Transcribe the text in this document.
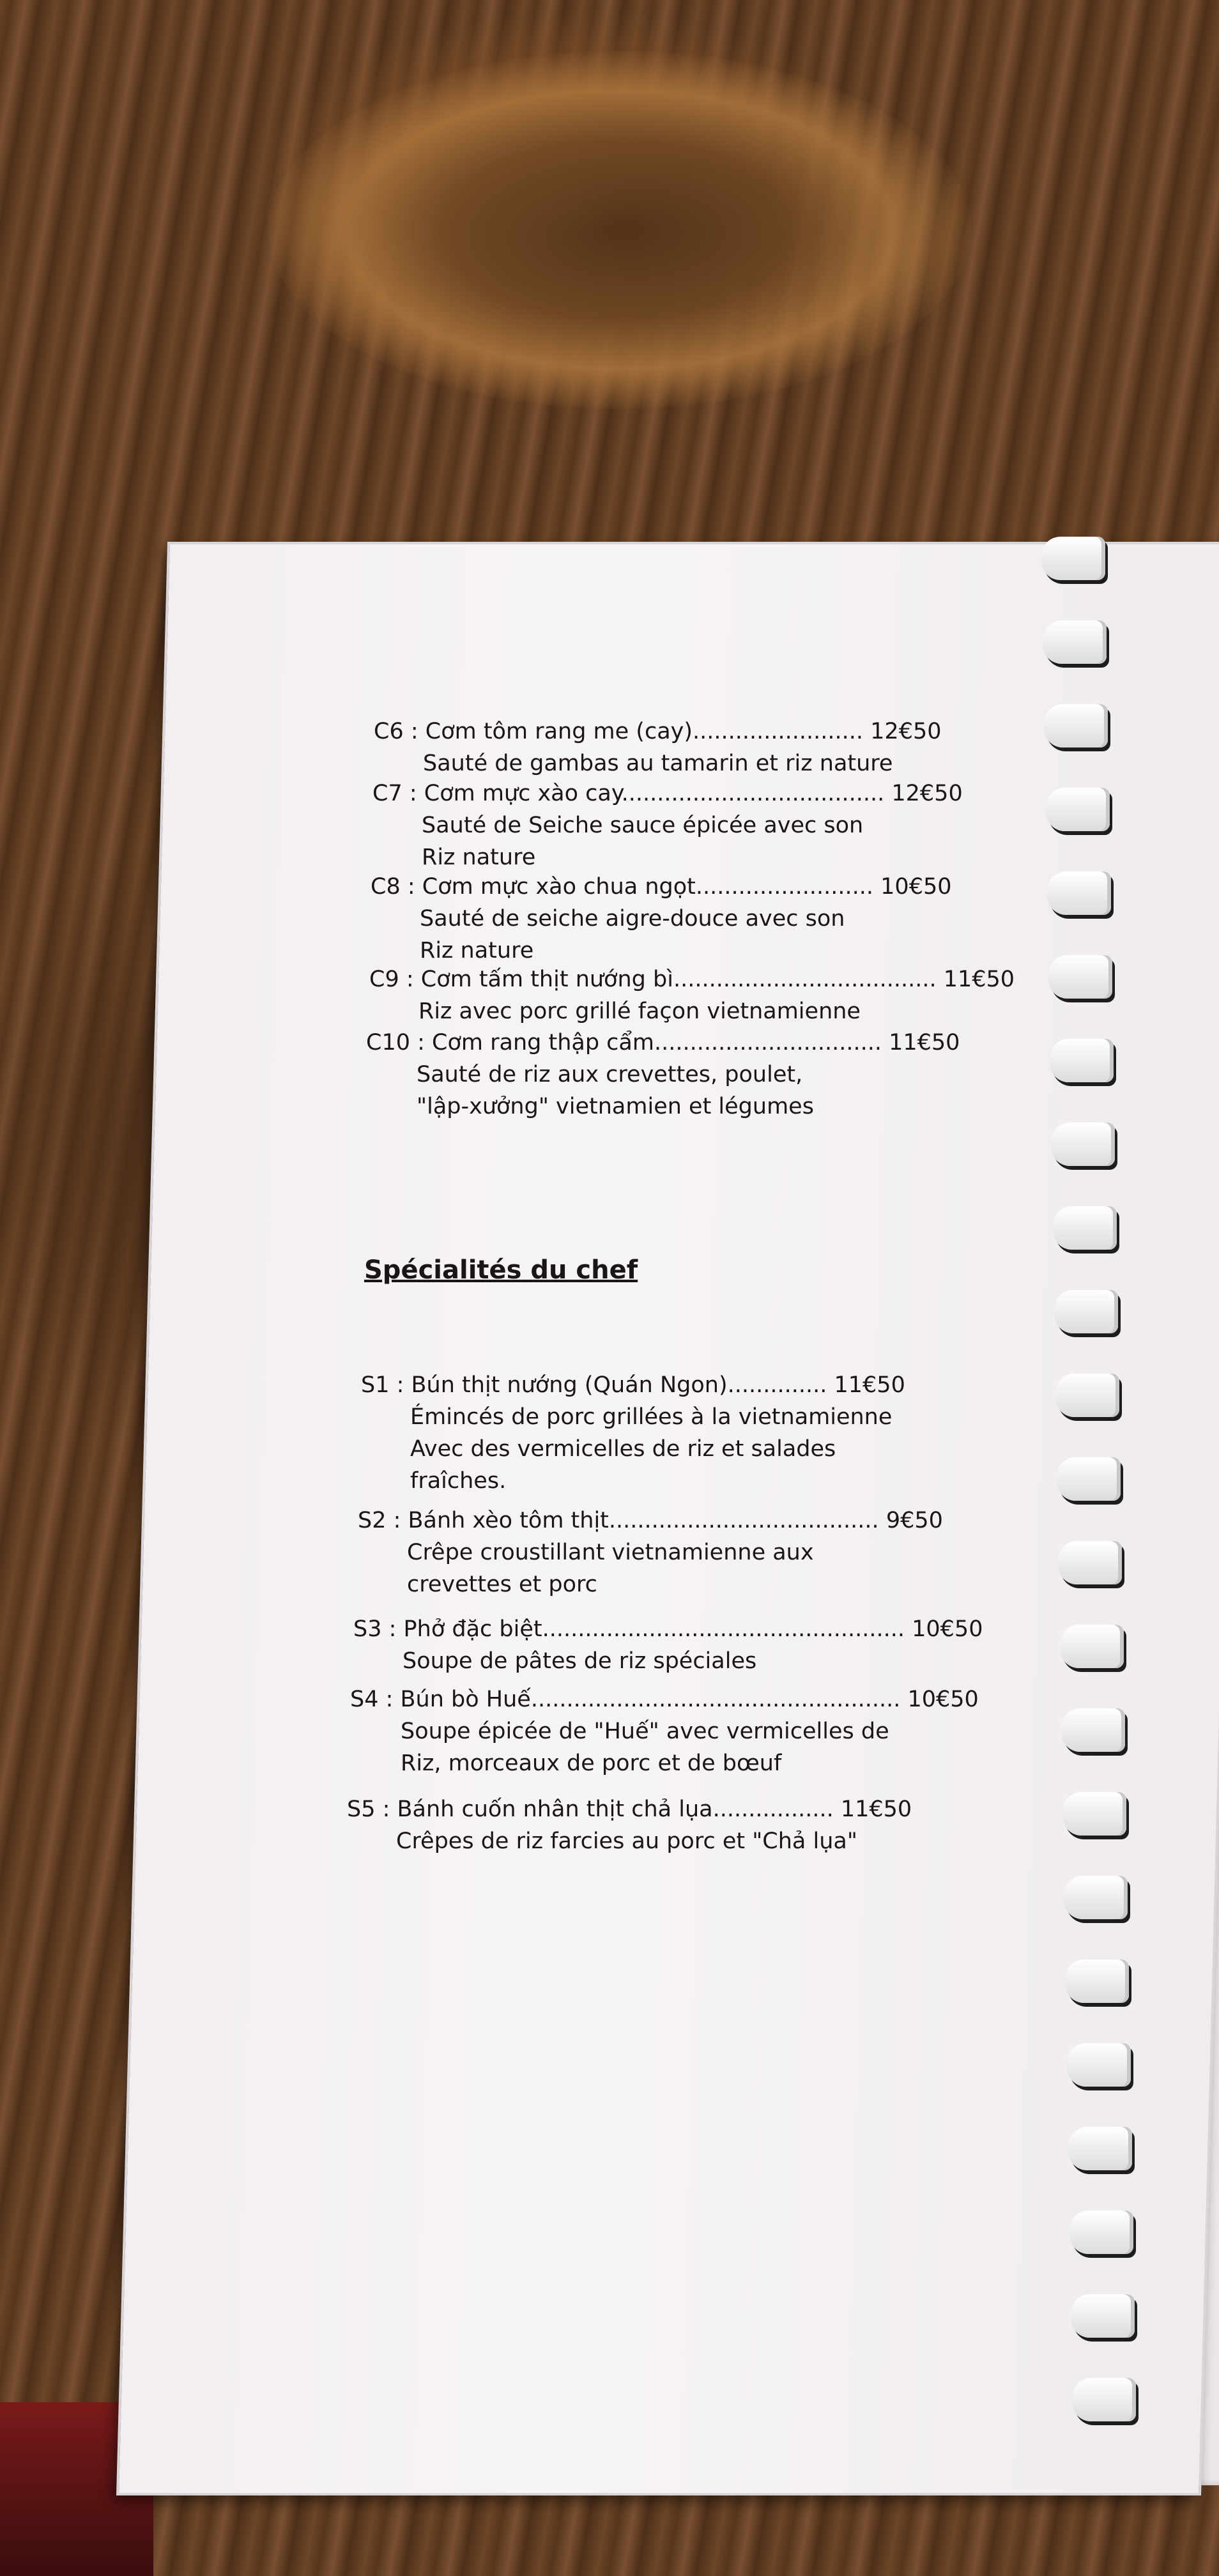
C6 : Cơm tôm rang me (cay)........................ 12€50
Sauté de gambas au tamarin et riz nature
C7 : Cơm mực xào cay..................................... 12€50
Sauté de Seiche sauce épicée avec son
Riz nature
C8 : Cơm mực xào chua ngọt......................... 10€50
Sauté de seiche aigre-douce avec son
Riz nature
C9 : Cơm tấm thịt nướng bì..................................... 11€50
Riz avec porc grillé façon vietnamienne
C10 : Cơm rang thập cẩm................................ 11€50
Sauté de riz aux crevettes, poulet,
"lập-xưởng" vietnamien et légumes
Spécialités du chef
S1 : Bún thịt nướng (Quán Ngon).............. 11€50
Émincés de porc grillées à la vietnamienne
Avec des vermicelles de riz et salades
fraîches.
S2 : Bánh xèo tôm thịt...................................... 9€50
Crêpe croustillant vietnamienne aux
crevettes et porc
S3 : Phở đặc biệt................................................... 10€50
Soupe de pâtes de riz spéciales
S4 : Bún bò Huế.................................................... 10€50
Soupe épicée de "Huế" avec vermicelles de
Riz, morceaux de porc et de bœuf
S5 : Bánh cuốn nhân thịt chả lụa................. 11€50
Crêpes de riz farcies au porc et "Chả lụa"
